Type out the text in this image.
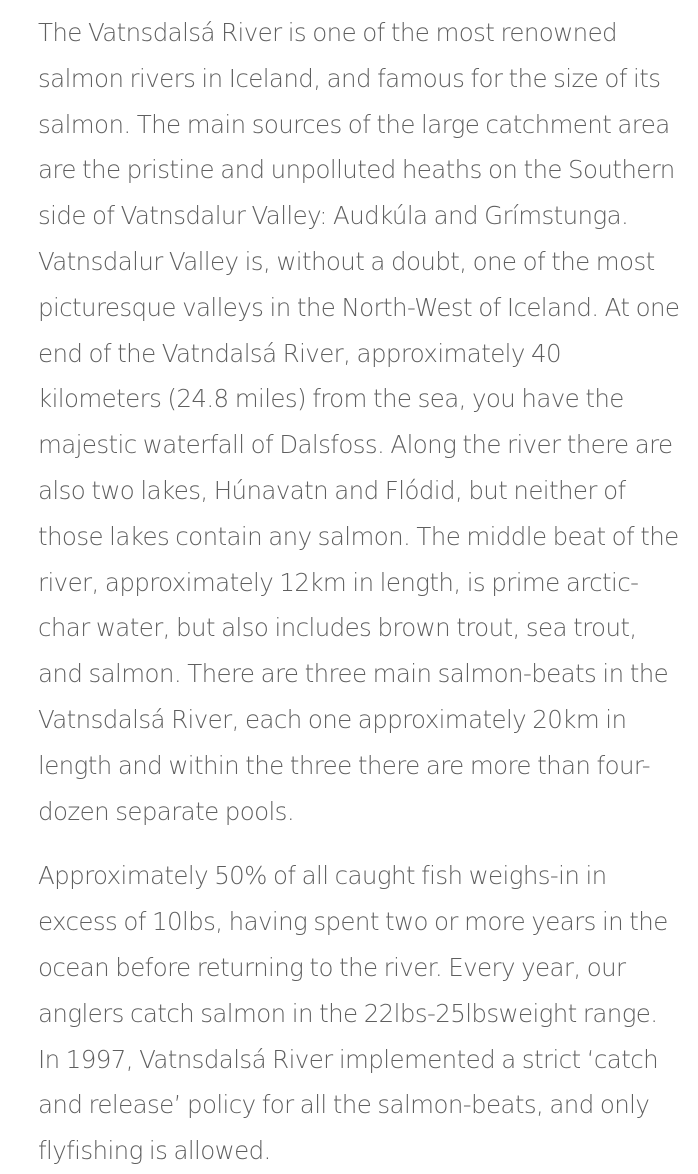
The Vatnsdalsá River is one of the most renowned salmon rivers in Iceland, and famous for the size of its salmon. The main sources of the large catchment area are the pristine and unpolluted heaths on the Southern side of Vatnsdalur Valley: Audkúla and Grímstunga. Vatnsdalur Valley is, without a doubt, one of the most picturesque valleys in the North-West of Iceland. At one end of the Vatndalsá River, approximately 40 kilometers (24.8 miles) from the sea, you have the majestic waterfall of Dalsfoss. Along the river there are also two lakes, Húnavatn and Flódid, but neither of those lakes contain any salmon. The middle beat of the river, approximately 12km in length, is prime arctic-char water, but also includes brown trout, sea trout, and salmon. There are three main salmon-beats in the Vatnsdalsá River, each one approximately 20km in length and within the three there are more than four-dozen separate pools.

Approximately 50% of all caught fish weighs-in in excess of 10lbs, having spent two or more years in the ocean before returning to the river. Every year, our anglers catch salmon in the 22lbs-25lbsweight range. In 1997, Vatnsdalsá River implemented a strict ‘catch and release’ policy for all the salmon-beats, and only flyfishing is allowed.
